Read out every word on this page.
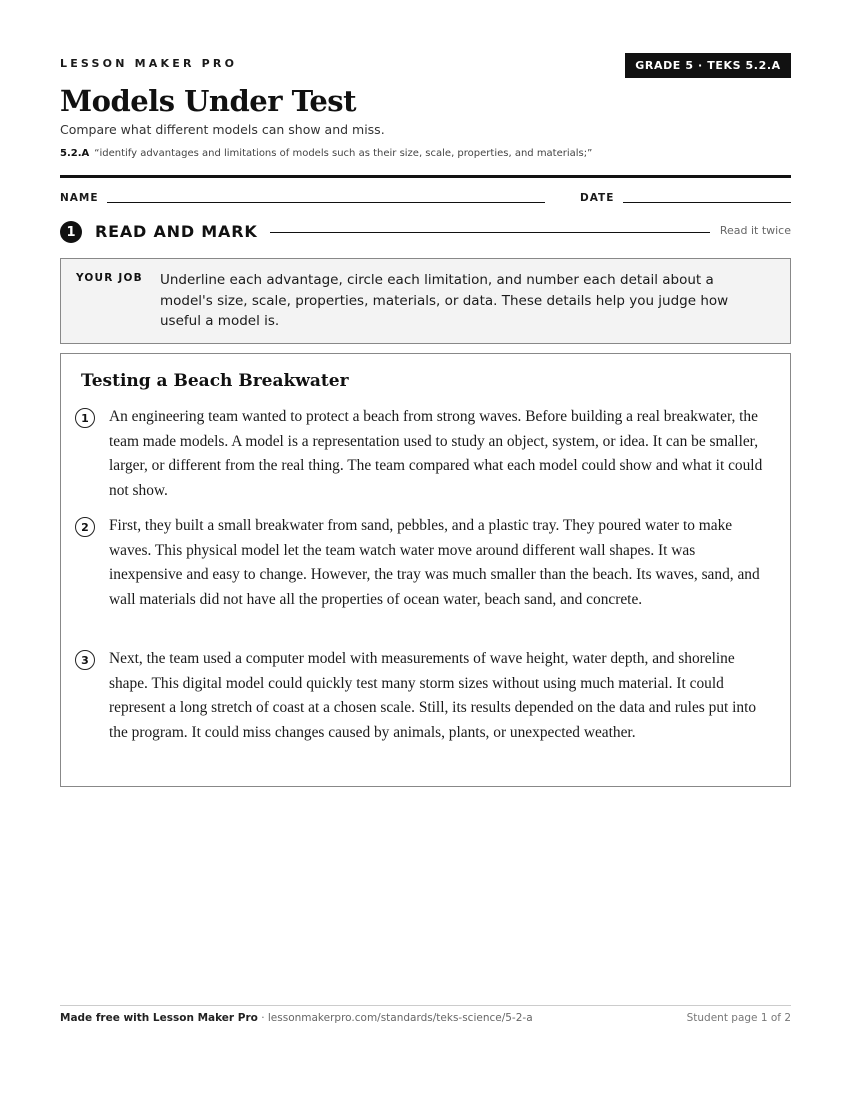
LESSON MAKER PRO	GRADE 5 · TEKS 5.2.A
Models Under Test
Compare what different models can show and miss.
5.2.A “identify advantages and limitations of models such as their size, scale, properties, and materials;”
NAME	DATE
1	READ AND MARK	Read it twice
YOUR JOB Underline each advantage, circle each limitation, and number each detail about a model's size, scale, properties, materials, or data. These details help you judge how useful a model is.
Testing a Beach Breakwater
1	An engineering team wanted to protect a beach from strong waves. Before building a real breakwater, the team made models. A model is a representation used to study an object, system, or idea. It can be smaller, larger, or different from the real thing. The team compared what each model could show and what it could not show.

2	First, they built a small breakwater from sand, pebbles, and a plastic tray. They poured water to make waves. This physical model let the team watch water move around different wall shapes. It was inexpensive and easy to change. However, the tray was much smaller than the beach. Its waves, sand, and wall materials did not have all the properties of ocean water, beach sand, and concrete.

3	Next, the team used a computer model with measurements of wave height, water depth, and shoreline shape. This digital model could quickly test many storm sizes without using much material. It could represent a long stretch of coast at a chosen scale. Still, its results depended on the data and rules put into the program. It could miss changes caused by animals, plants, or unexpected weather.

Made free with Lesson Maker Pro · lessonmakerpro.com/standards/teks-science/5-2-a	Student page 1 of 2
